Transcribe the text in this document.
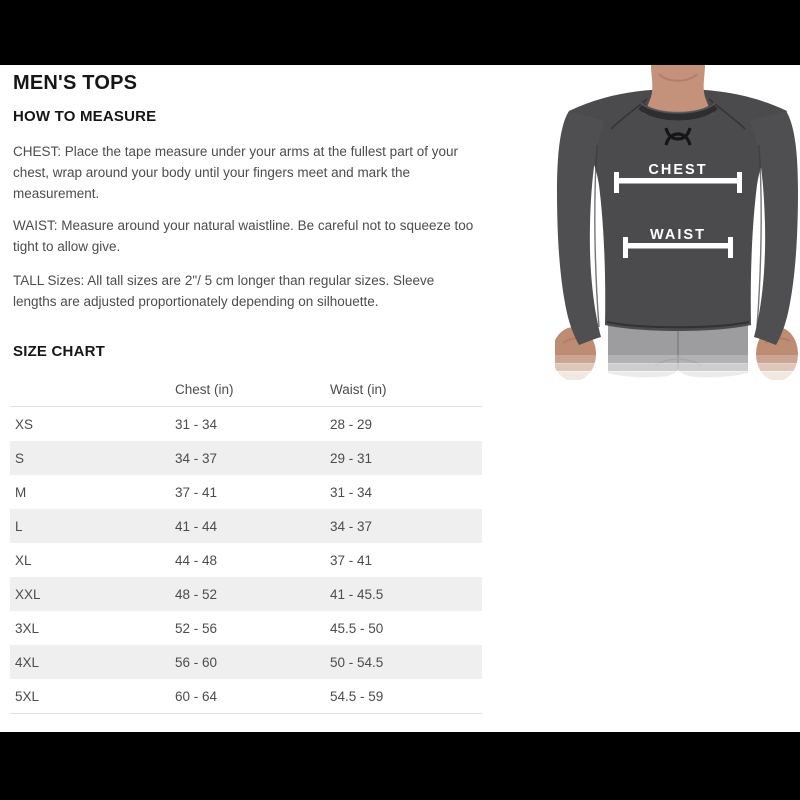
MEN'S TOPS
HOW TO MEASURE

CHEST: Place the tape measure under your arms at the fullest part of your chest, wrap around your body until your fingers meet and mark the measurement.

WAIST: Measure around your natural waistline. Be careful not to squeeze too tight to allow give.

TALL Sizes: All tall sizes are 2"/ 5 cm longer than regular sizes. Sleeve lengths are adjusted proportionately depending on silhouette.

SIZE CHART
	Chest (in)	Waist (in)
XS	31 - 34	28 - 29
S	34 - 37	29 - 31
M	37 - 41	31 - 34
L	41 - 44	34 - 37
XL	44 - 48	37 - 41
XXL	48 - 52	41 - 45.5
3XL	52 - 56	45.5 - 50
4XL	56 - 60	50 - 54.5
5XL	60 - 64	54.5 - 59
CHEST
WAIST
